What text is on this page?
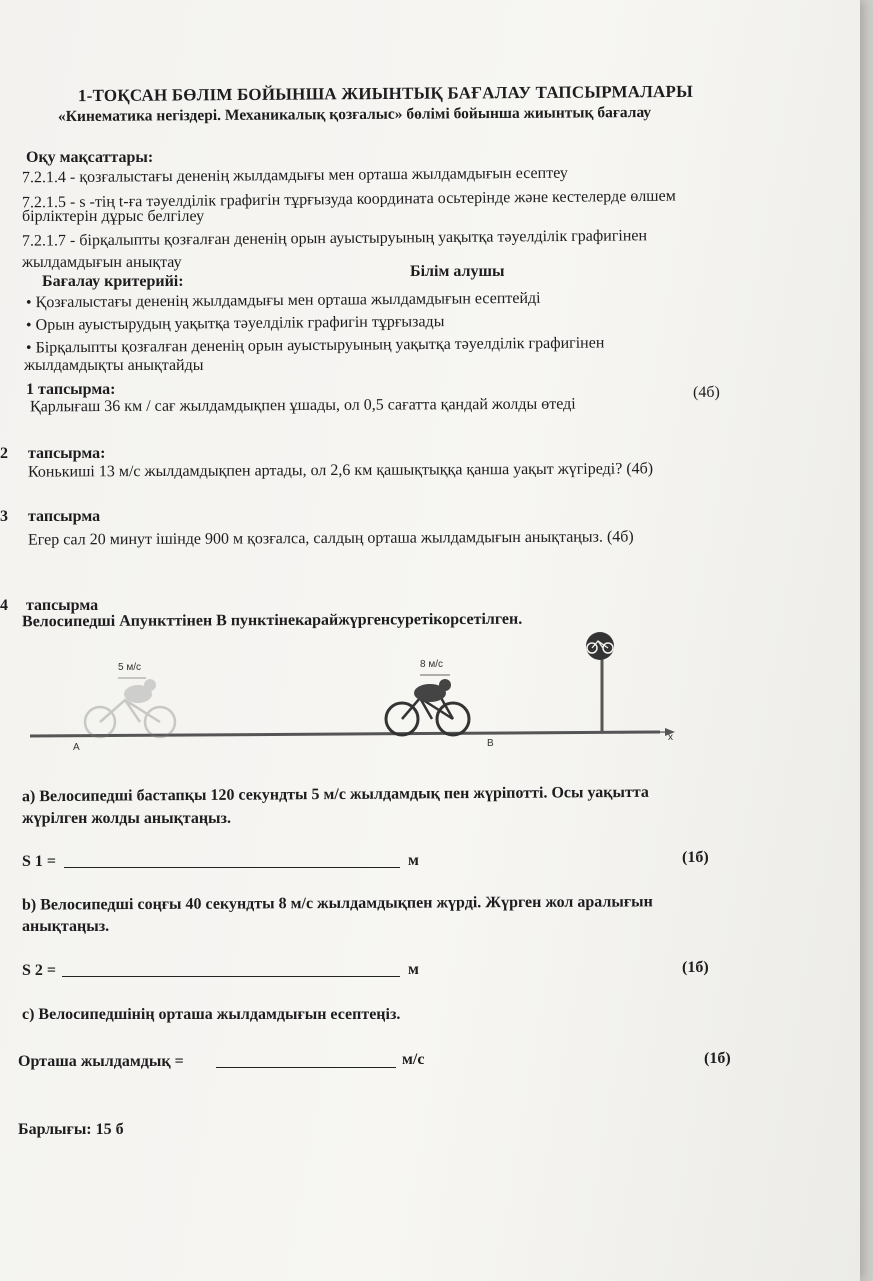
1-ТОҚСАН БӨЛІМ БОЙЫНША ЖИЫНТЫҚ БАҒАЛАУ ТАПСЫРМАЛАРЫ
«Кинематика негіздері. Механикалық қозғалыс» бөлімі бойынша жиынтық бағалау
Оқу мақсаттары:
7.2.1.4 - қозғалыстағы дененің жылдамдығы мен орташа жылдамдығын есептеу
7.2.1.5 - s -тің t-ға тәуелділік графигін тұрғызуда координата осьтерінде және кестелерде өлшем
бірліктерін дұрыс белгілеу
7.2.1.7 - бірқалыпты қозғалған дененің орын ауыстыруының уақытқа тәуелділік графигінен
жылдамдығын анықтау
Білім алушы
Бағалау критерийі:
• Қозғалыстағы дененің жылдамдығы мен орташа жылдамдығын есептейді
• Орын ауыстырудың уақытқа тәуелділік графигін тұрғызады
• Бірқалыпты қозғалған дененің орын ауыстыруының уақытқа тәуелділік графигінен
жылдамдықты анықтайды
1 тапсырма:
Қарлығаш 36 км / сағ жылдамдықпен ұшады, ол 0,5 сағатта қандай жолды өтеді
(4б)
2 тапсырма:
Конькиші 13 м/с жылдамдықпен артады, ол 2,6 км қашықтыққа қанша уақыт жүгіреді? (4б)
3 тапсырма
Егер сал 20 минут ішінде 900 м қозғалса, салдың орташа жылдамдығын анықтаңыз. (4б)
4 тапсырма
Велосипедші Апункттінен В пунктінекарайжүргенсуретікорсетілген.
x
5 м/с
A
8 м/с
B
а) Велосипедші бастапқы 120 секундты 5 м/с жылдамдық пен жүріпотті. Осы уақытта
жүрілген жолды анықтаңыз.
S 1 =	м	(1б)
b) Велосипедші соңғы 40 секундты 8 м/с жылдамдықпен жүрді. Жүрген жол аралығын
анықтаңыз.
S 2 =	м	(1б)
c) Велосипедшінің орташа жылдамдығын есептеңіз.
Орташа жылдамдық =	м/с	(1б)
Барлығы: 15 б
